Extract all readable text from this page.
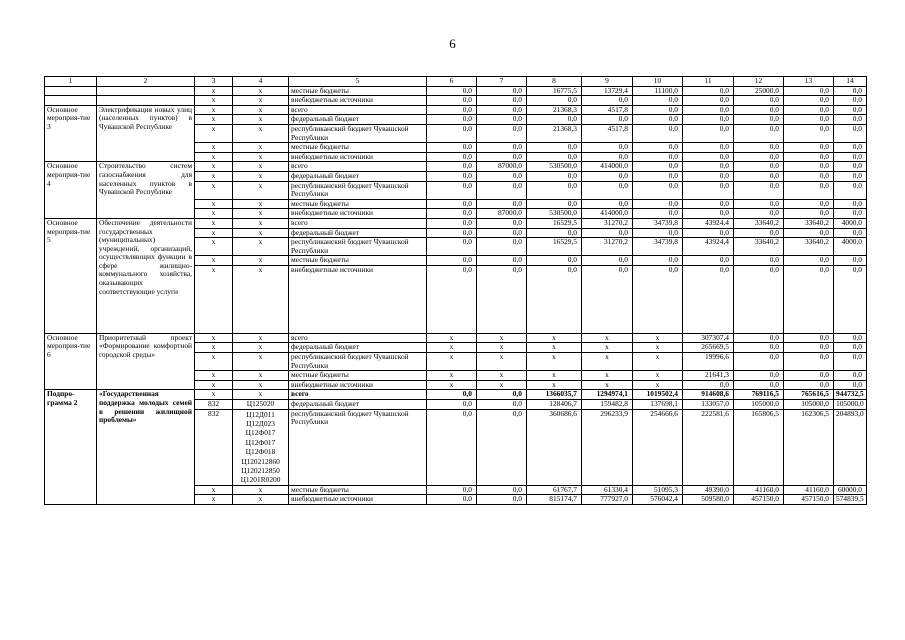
6
1	2	3	4	5	6	7	8	9	10	11	12	13	14
		x	x	местные бюджеты	0,0	0,0	16775,5	13729,4	11100,0	0,0	25000,0	0,0	0,0
		x	x	внебюджетные источники	0,0	0,0	0,0	0,0	0,0	0,0	0,0	0,0	0,0
Основное мероприя-тие 3	Электрификация новых улиц (населенных пунктов) в Чувашской Республике	x	x	всего	0,0	0,0	21368,3	4517,8	0,0	0,0	0,0	0,0	0,0
		x	x	федеральный бюджет	0,0	0,0	0,0	0,0	0,0	0,0	0,0	0,0	0,0
		x	x	республиканский бюджет Чувашской Республики	0,0	0,0	21368,3	4517,8	0,0	0,0	0,0	0,0	0,0
		x	x	местные бюджеты	0,0	0,0	0,0	0,0	0,0	0,0	0,0	0,0	0,0
		x	x	внебюджетные источники	0,0	0,0	0,0	0,0	0,0	0,0	0,0	0,0	0,0
Основное мероприя-тие 4	Строительство систем газоснабжения для населенных пунктов в Чувашской Республике	x	x	всего	0,0	87000,0	530500,0	414000,0	0,0	0,0	0,0	0,0	0,0
		x	x	федеральный бюджет	0,0	0,0	0,0	0,0	0,0	0,0	0,0	0,0	0,0
		x	x	республиканский бюджет Чувашской Республики	0,0	0,0	0,0	0,0	0,0	0,0	0,0	0,0	0,0
		x	x	местные бюджеты	0,0	0,0	0,0	0,0	0,0	0,0	0,0	0,0	0,0
		x	x	внебюджетные источники	0,0	87000,0	530500,0	414000,0	0,0	0,0	0,0	0,0	0,0
Основное мероприя-тие 5	Обеспечение деятельности государственных (муниципальных) учреждений, организаций, осуществляющих функции в сфере жилищно-коммунального хозяйства, оказывающих соответствующие услуги	x	x	всего	0,0	0,0	16529,5	31270,2	34739,8	43924,4	33640,2	33640,2	4000,0
		x	x	федеральный бюджет	0,0	0,0	0,0	0,0	0,0	0,0	0,0	0,0	0,0
		x	x	республиканский бюджет Чувашской Республики	0,0	0,0	16529,5	31270,2	34739,8	43924,4	33640,2	33640,2	4000,0
		x	x	местные бюджеты	0,0	0,0	0,0	0,0	0,0	0,0	0,0	0,0	0,0
		x	x	внебюджетные источники	0,0	0,0	0,0	0,0	0,0	0,0	0,0	0,0	0,0
Основное мероприя-тие 6	Приоритетный проект «Формирование комфортной городской среды»	x	x	всего	x	x	x	x	x	307307,4	0,0	0,0	0,0
		x	x	федеральный бюджет	x	x	x	x	x	265669,5	0,0	0,0	0,0
		x	x	республиканский бюджет Чувашской Республики	x	x	x	x	x	19996,6	0,0	0,0	0,0
		x	x	местные бюджеты	x	x	x	x	x	21641,3	0,0	0,0	0,0
		x	x	внебюджетные источники	x	x	x	x	x	0,0	0,0	0,0	0,0
Подпро-грамма 2	«Государственная поддержка молодых семей в решении жилищной проблемы»	x	x	всего	0,0	0,0	1366035,7	1294974,1	1019502,4	914608,6	769116,5	765616,5	944732,5
		832	Ц125020	федеральный бюджет	0,0	0,0	128406,7	159482,8	137698,1	133057,0	105000,0	105000,0	105000,0
		832	Ц12Д011 Ц12Д023 Ц12Ф017 Ц12Ф017 Ц12Ф018 Ц120212860 Ц120212850 Ц1201R0200	республиканский бюджет Чувашской Республики	0,0	0,0	360686,6	296233,9	254666,6	222581,6	165806,5	162306,5	204893,0
		x	x	местные бюджеты	0,0	0,0	61767,7	61330,4	51095,3	49390,0	41160,0	41160,0	60000,0
		x	x	внебюджетные источники	0,0	0,0	815174,7	777927,0	576042,4	509580,0	457150,0	457150,0	574839,5
